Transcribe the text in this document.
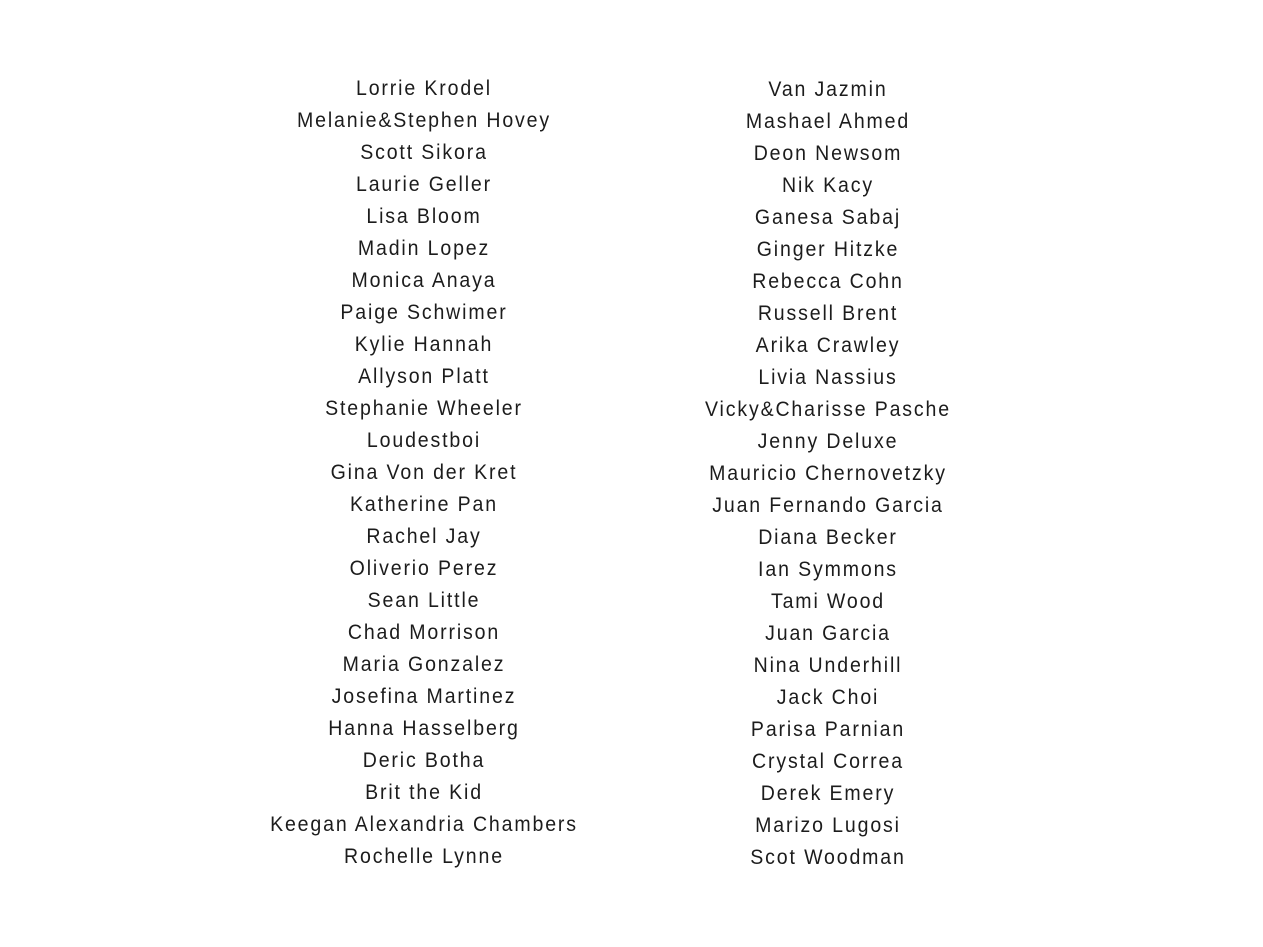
Lorrie Krodel
Melanie&Stephen Hovey
Scott Sikora
Laurie Geller
Lisa Bloom
Madin Lopez
Monica Anaya
Paige Schwimer
Kylie Hannah
Allyson Platt
Stephanie Wheeler
Loudestboi
Gina Von der Kret
Katherine Pan
Rachel Jay
Oliverio Perez
Sean Little
Chad Morrison
Maria Gonzalez
Josefina Martinez
Hanna Hasselberg
Deric Botha
Brit the Kid
Keegan Alexandria Chambers
Rochelle Lynne
Van Jazmin
Mashael Ahmed
Deon Newsom
Nik Kacy
Ganesa Sabaj
Ginger Hitzke
Rebecca Cohn
Russell Brent
Arika Crawley
Livia Nassius
Vicky&Charisse Pasche
Jenny Deluxe
Mauricio Chernovetzky
Juan Fernando Garcia
Diana Becker
Ian Symmons
Tami Wood
Juan Garcia
Nina Underhill
Jack Choi
Parisa Parnian
Crystal Correa
Derek Emery
Marizo Lugosi
Scot Woodman
